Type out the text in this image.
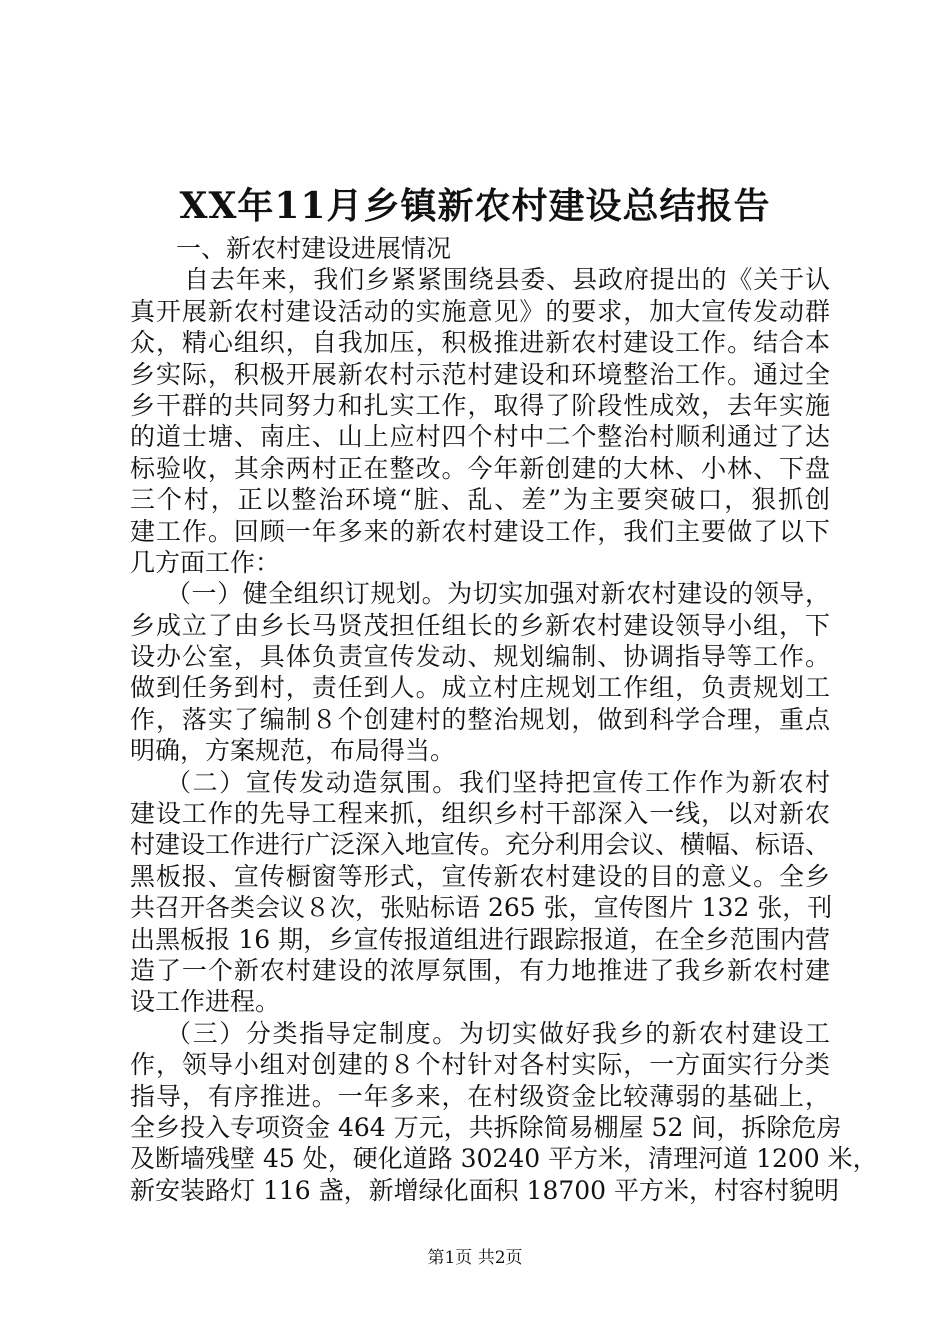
XX年11月乡镇新农村建设总结报告
一、新农村建设进展情况
自去年来，我们乡紧紧围绕县委、县政府提出的《关于认
真开展新农村建设活动的实施意见》的要求，加大宣传发动群
众，精心组织，自我加压，积极推进新农村建设工作。结合本
乡实际，积极开展新农村示范村建设和环境整治工作。通过全
乡干群的共同努力和扎实工作，取得了阶段性成效，去年实施
的道士塘、南庄、山上应村四个村中二个整治村顺利通过了达
标验收，其余两村正在整改。今年新创建的大林、小林、下盘
三个村，正以整治环境“脏、乱、差”为主要突破口，狠抓创
建工作。回顾一年多来的新农村建设工作，我们主要做了以下
几方面工作：
（一）健全组织订规划。为切实加强对新农村建设的领导，
乡成立了由乡长马贤茂担任组长的乡新农村建设领导小组，下
设办公室，具体负责宣传发动、规划编制、协调指导等工作。
做到任务到村，责任到人。成立村庄规划工作组，负责规划工
作，落实了编制８个创建村的整治规划，做到科学合理，重点
明确，方案规范，布局得当。
（二）宣传发动造氛围。我们坚持把宣传工作作为新农村
建设工作的先导工程来抓，组织乡村干部深入一线，以对新农
村建设工作进行广泛深入地宣传。充分利用会议、横幅、标语、
黑板报、宣传橱窗等形式，宣传新农村建设的目的意义。全乡
共召开各类会议８次，张贴标语 265 张，宣传图片 132 张，刊
出黑板报 16 期，乡宣传报道组进行跟踪报道，在全乡范围内营
造了一个新农村建设的浓厚氛围，有力地推进了我乡新农村建
设工作进程。
（三）分类指导定制度。为切实做好我乡的新农村建设工
作，领导小组对创建的８个村针对各村实际，一方面实行分类
指导，有序推进。一年多来，在村级资金比较薄弱的基础上，
全乡投入专项资金 464 万元，共拆除简易棚屋 52 间，拆除危房
及断墙残壁 45 处，硬化道路 30240 平方米，清理河道 1200 米，
新安装路灯 116 盏，新增绿化面积 18700 平方米，村容村貌明
第1页 共2页
